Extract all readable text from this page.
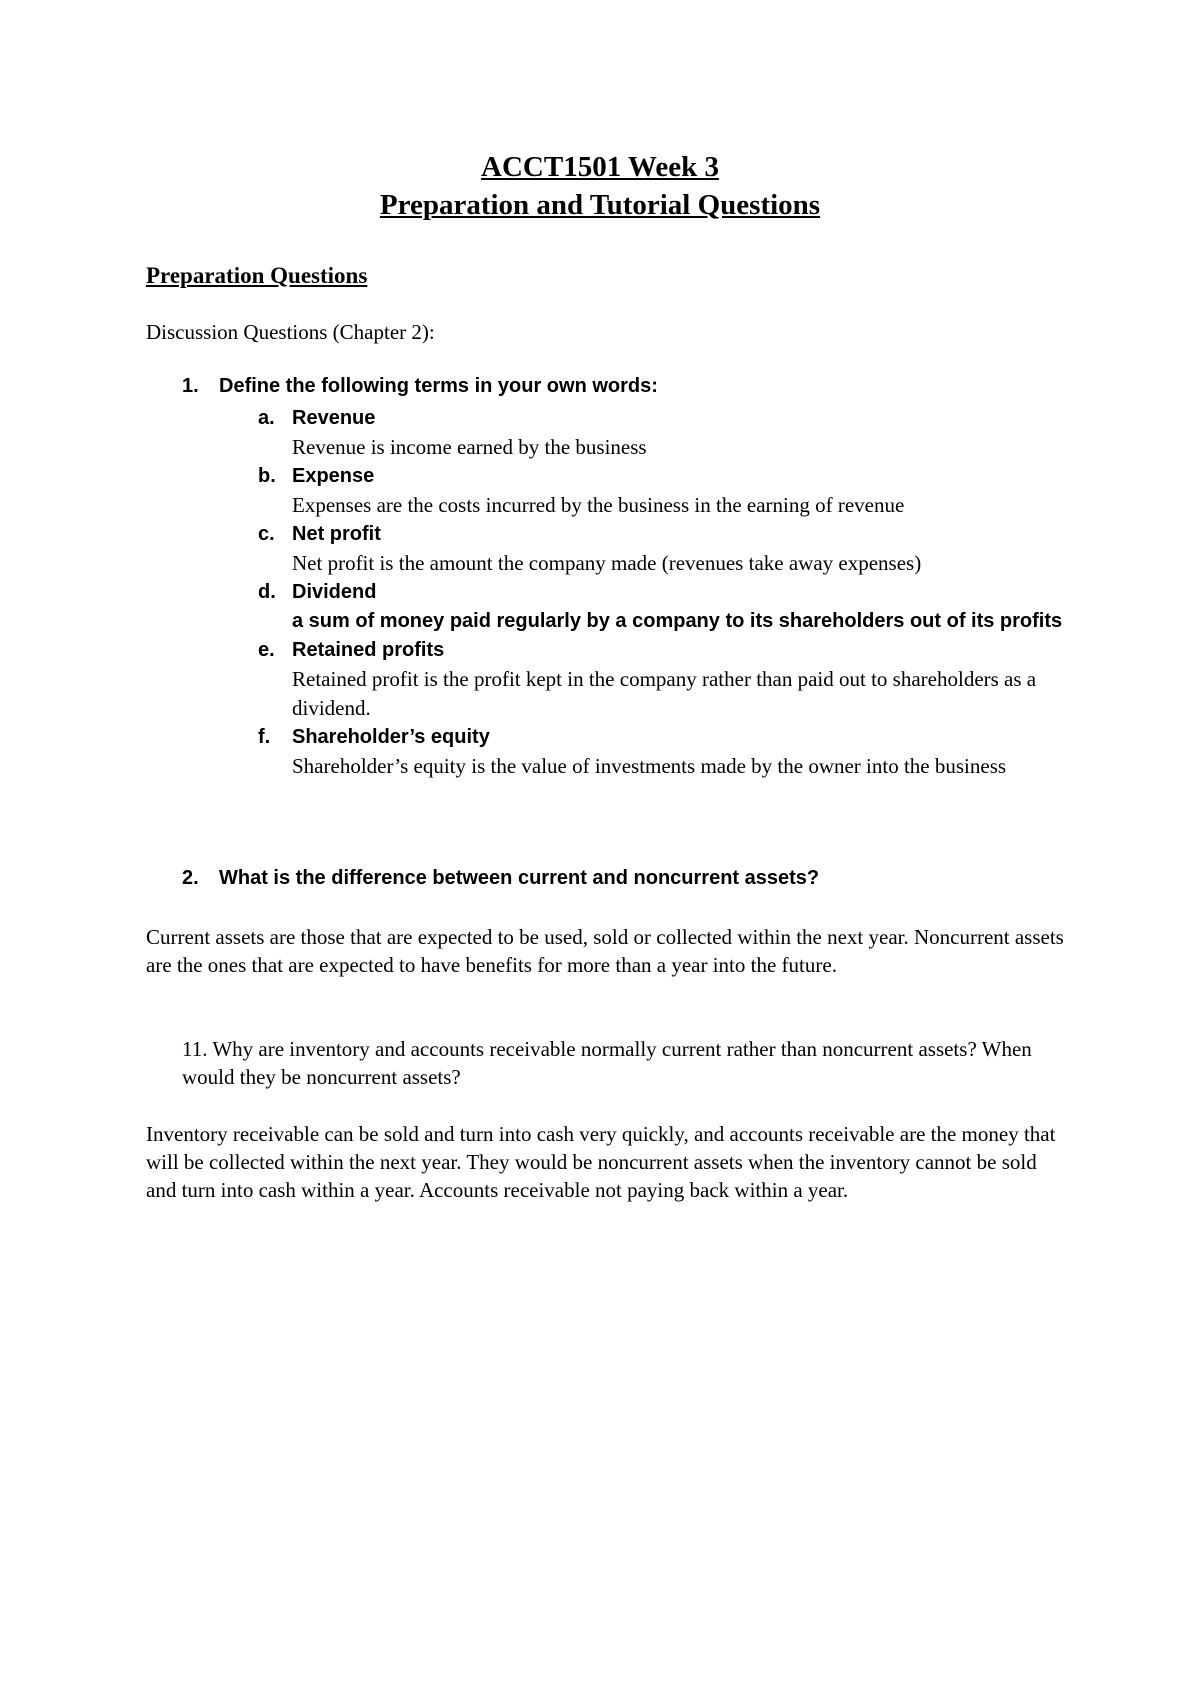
ACCT1501 Week 3
Preparation and Tutorial Questions
Preparation Questions
Discussion Questions (Chapter 2):
1. Define the following terms in your own words:
a. Revenue
Revenue is income earned by the business
b. Expense
Expenses are the costs incurred by the business in the earning of revenue
c. Net profit
Net profit is the amount the company made (revenues take away expenses)
d. Dividend
a sum of money paid regularly by a company to its shareholders out of its profits
e. Retained profits
Retained profit is the profit kept in the company rather than paid out to shareholders as a dividend.
f. Shareholder’s equity
Shareholder’s equity is the value of investments made by the owner into the business
2. What is the difference between current and noncurrent assets?
Current assets are those that are expected to be used, sold or collected within the next year. Noncurrent assets are the ones that are expected to have benefits for more than a year into the future.
11. Why are inventory and accounts receivable normally current rather than noncurrent assets? When would they be noncurrent assets?
Inventory receivable can be sold and turn into cash very quickly, and accounts receivable are the money that will be collected within the next year. They would be noncurrent assets when the inventory cannot be sold and turn into cash within a year. Accounts receivable not paying back within a year.
